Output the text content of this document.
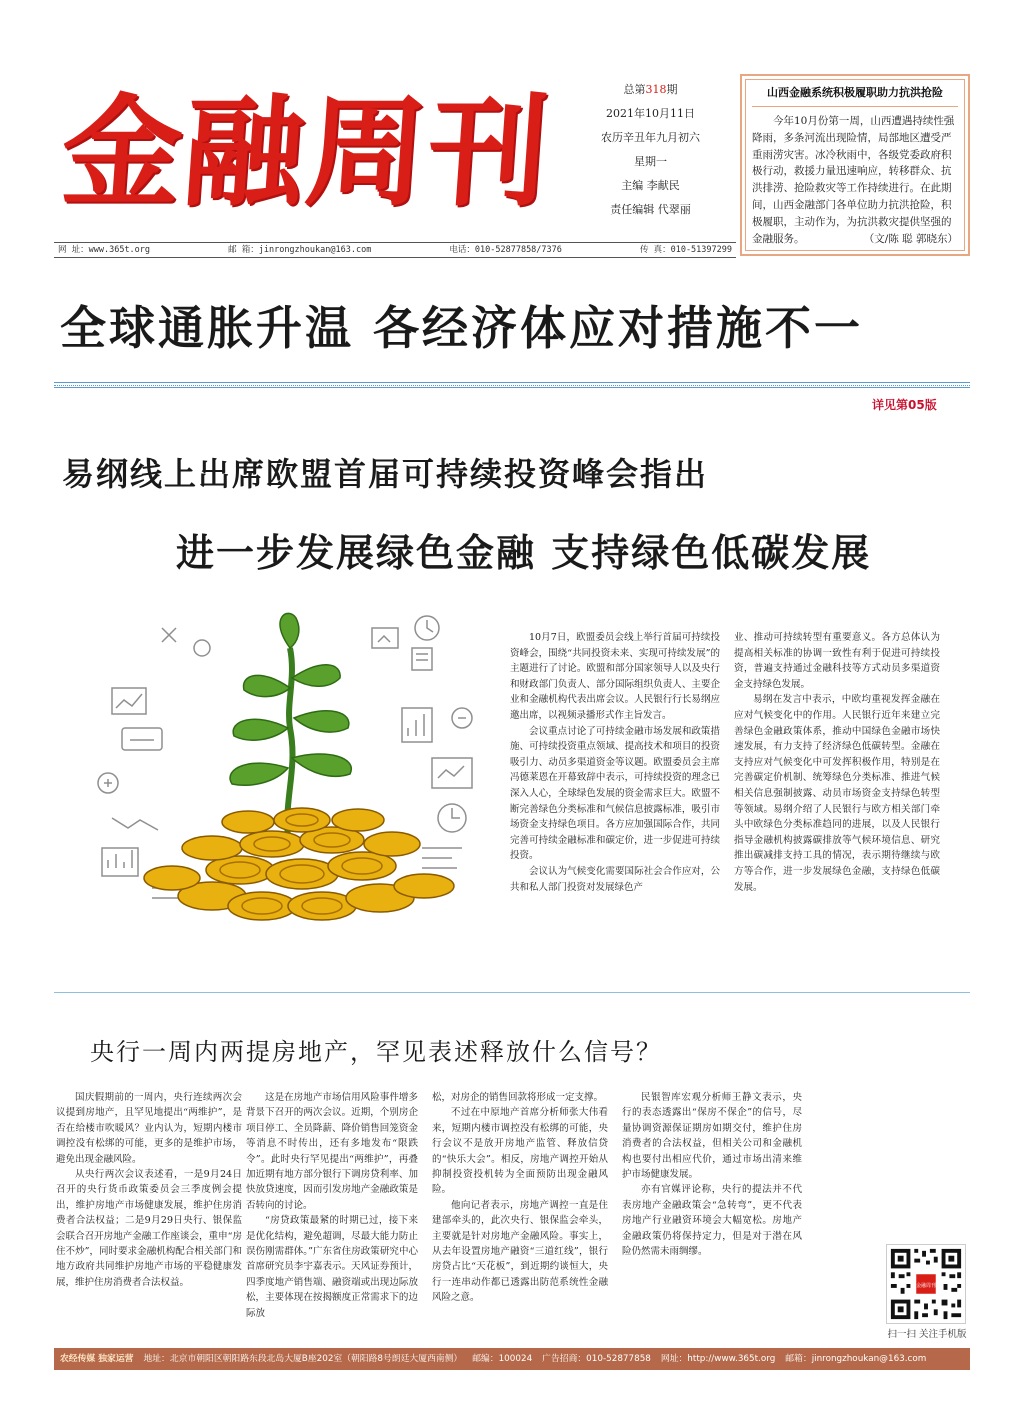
金融周刊	总第318期
2021年10月11日
农历辛丑年九月初六
星期一
主编 李献民
责任编辑 代翠丽
山西金融系统积极履职助力抗洪抢险
今年10月份第一周，山西遭遇持续性强降雨，多条河流出现险情，局部地区遭受严重雨涝灾害。冰冷秋雨中，各级党委政府积极行动，救援力量迅速响应，转移群众、抗洪排涝、抢险救灾等工作持续进行。在此期间，山西金融部门各单位助力抗洪抢险，积极履职，主动作为，为抗洪救灾提供坚强的金融服务。	（文/陈 聪 郭晓东）
网 址：www.365t.org	邮 箱：jinrongzhoukan@163.com	电话：010-52877858/7376	传 真：010-51397299
全球通胀升温 各经济体应对措施不一
详见第05版
易纲线上出席欧盟首届可持续投资峰会指出
进一步发展绿色金融 支持绿色低碳发展

10月7日，欧盟委员会线上举行首届可持续投资峰会，围绕“共同投资未来、实现可持续发展”的主题进行了讨论。欧盟和部分国家领导人以及央行和财政部门负责人、部分国际组织负责人、主要企业和金融机构代表出席会议。人民银行行长易纲应邀出席，以视频录播形式作主旨发言。

会议重点讨论了可持续金融市场发展和政策措施、可持续投资重点领域、提高技术和项目的投资吸引力、动员多渠道资金等议题。欧盟委员会主席冯德莱恩在开幕致辞中表示，可持续投资的理念已深入人心，全球绿色发展的资金需求巨大。欧盟不断完善绿色分类标准和气候信息披露标准，吸引市场资金支持绿色项目。各方应加强国际合作，共同完善可持续金融标准和碳定价，进一步促进可持续投资。

会议认为气候变化需要国际社会合作应对，公共和私人部门投资对发展绿色产

业、推动可持续转型有重要意义。各方总体认为提高相关标准的协调一致性有利于促进可持续投资，普遍支持通过金融科技等方式动员多渠道资金支持绿色发展。

易纲在发言中表示，中欧均重视发挥金融在应对气候变化中的作用。人民银行近年来建立完善绿色金融政策体系，推动中国绿色金融市场快速发展，有力支持了经济绿色低碳转型。金融在支持应对气候变化中可发挥积极作用，特别是在完善碳定价机制、统筹绿色分类标准、推进气候相关信息强制披露、动员市场资金支持绿色转型等领域。易纲介绍了人民银行与欧方相关部门牵头中欧绿色分类标准趋同的进展，以及人民银行指导金融机构披露碳排放等气候环境信息、研究推出碳减排支持工具的情况，表示期待继续与欧方等合作，进一步发展绿色金融，支持绿色低碳发展。

央行一周内两提房地产，罕见表述释放什么信号？

国庆假期前的一周内，央行连续两次会议提到房地产，且罕见地提出“两维护”，是否在给楼市吹暖风？业内认为，短期内楼市调控没有松绑的可能，更多的是维护市场，避免出现金融风险。

从央行两次会议表述看，一是9月24日召开的央行货币政策委员会三季度例会提出，维护房地产市场健康发展，维护住房消费者合法权益；二是9月29日央行、银保监会联合召开房地产金融工作座谈会，重申“房住不炒”，同时要求金融机构配合相关部门和地方政府共同维护房地产市场的平稳健康发展，维护住房消费者合法权益。

这是在房地产市场信用风险事件增多背景下召开的两次会议。近期，个别房企项目停工、全员降薪、降价销售回笼资金等消息不时传出，还有多地发布“限跌令”。此时央行罕见提出“两维护”，再叠加近期有地方部分银行下调房贷利率、加快放贷速度，因而引发房地产金融政策是否转向的讨论。

“房贷政策最紧的时期已过，接下来是优化结构，避免超调，尽最大能力防止误伤刚需群体。”广东省住房政策研究中心首席研究员李宇嘉表示。天风证券预计，四季度地产销售端、融资端或出现边际放松，主要体现在按揭额度正常需求下的边际放

松，对房企的销售回款将形成一定支撑。

不过在中原地产首席分析师张大伟看来，短期内楼市调控没有松绑的可能，央行会议不是放开房地产监管、释放信贷的“快乐大会”。相反，房地产调控开始从抑制投资投机转为全面预防出现金融风险。

他向记者表示，房地产调控一直是住建部牵头的，此次央行、银保监会牵头，主要就是针对房地产金融风险。事实上，从去年设置房地产融资“三道红线”，银行房贷占比“天花板”，到近期约谈恒大，央行一连串动作都已透露出防范系统性金融风险之意。

民银智库宏观分析师王静文表示，央行的表态透露出“保房不保企”的信号，尽量协调资源保证期房如期交付，维护住房消费者的合法权益，但相关公司和金融机构也要付出相应代价，通过市场出清来维护市场健康发展。

亦有官媒评论称，央行的提法并不代表房地产金融政策会“急转弯”，更不代表房地产行业融资环境会大幅宽松。房地产金融政策仍将保持定力，但是对于潜在风险仍然需未雨绸缪。

金融周刊
扫一扫 关注手机版
农经传媒 独家运营 地址：北京市朝阳区朝阳路东段北岛大厦B座202室（朝阳路8号朗廷大厦西南侧） 邮编：100024 广告招商：010-52877858 网址：http://www.365t.org 邮箱：jinrongzhoukan@163.com
